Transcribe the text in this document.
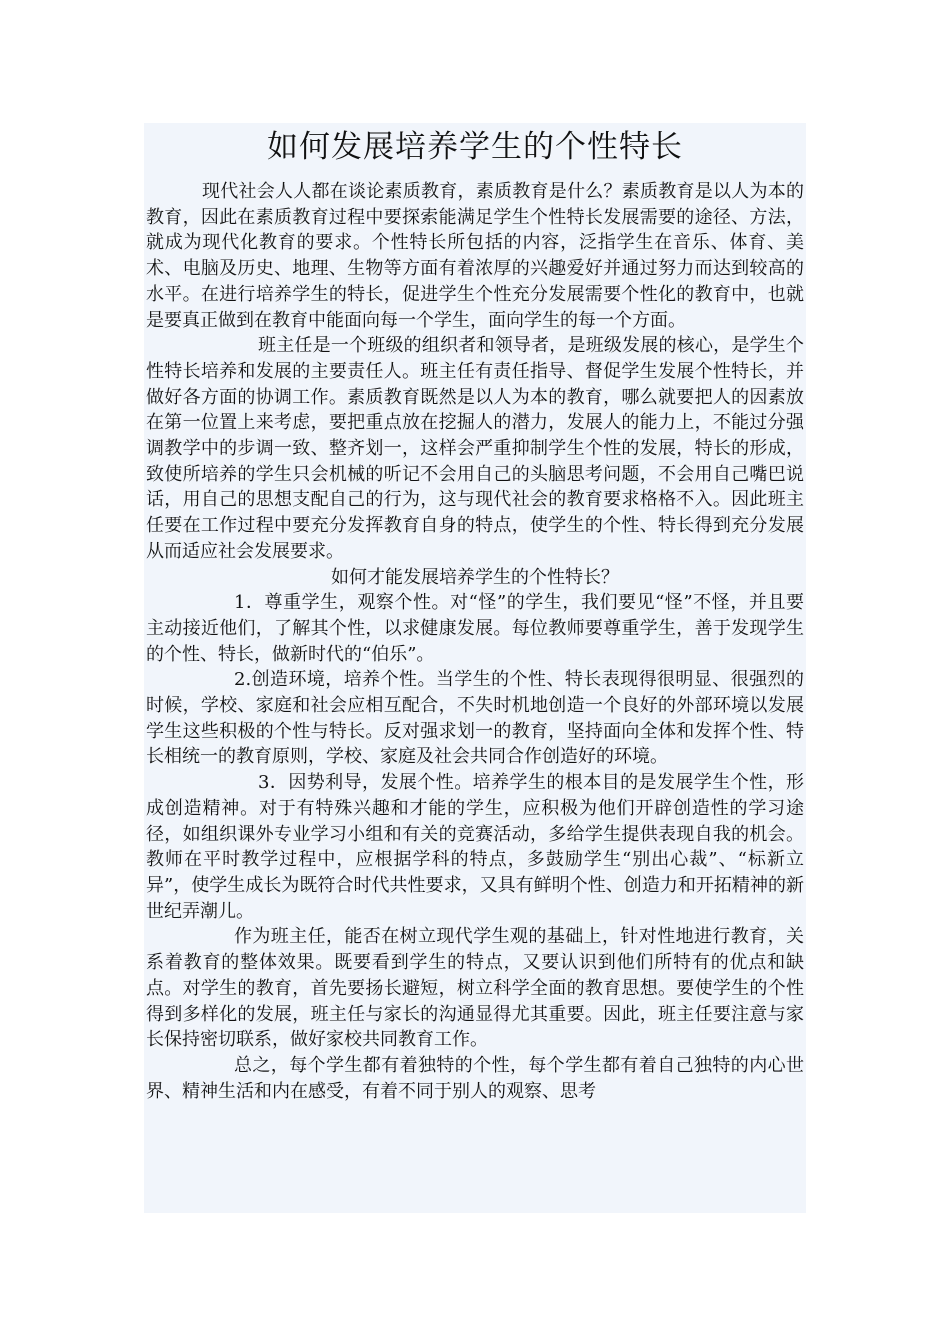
如何发展培养学生的个性特长

现代社会人人都在谈论素质教育，素质教育是什么？素质教育是以人为本的教育，因此在素质教育过程中要探索能满足学生个性特长发展需要的途径、方法，就成为现代化教育的要求。个性特长所包括的内容，泛指学生在音乐、体育、美术、电脑及历史、地理、生物等方面有着浓厚的兴趣爱好并通过努力而达到较高的水平。在进行培养学生的特长，促进学生个性充分发展需要个性化的教育中，也就是要真正做到在教育中能面向每一个学生，面向学生的每一个方面。

班主任是一个班级的组织者和领导者，是班级发展的核心，是学生个性特长培养和发展的主要责任人。班主任有责任指导、督促学生发展个性特长，并做好各方面的协调工作。素质教育既然是以人为本的教育，哪么就要把人的因素放在第一位置上来考虑，要把重点放在挖掘人的潜力，发展人的能力上，不能过分强调教学中的步调一致、整齐划一，这样会严重抑制学生个性的发展，特长的形成，致使所培养的学生只会机械的听记不会用自己的头脑思考问题，不会用自己嘴巴说话，用自己的思想支配自己的行为，这与现代社会的教育要求格格不入。因此班主任要在工作过程中要充分发挥教育自身的特点，使学生的个性、特长得到充分发展从而适应社会发展要求。

如何才能发展培养学生的个性特长？

1．尊重学生，观察个性。对“怪”的学生，我们要见“怪”不怪，并且要主动接近他们，了解其个性，以求健康发展。每位教师要尊重学生，善于发现学生的个性、特长，做新时代的“伯乐”。

2.创造环境，培养个性。当学生的个性、特长表现得很明显、很强烈的时候，学校、家庭和社会应相互配合，不失时机地创造一个良好的外部环境以发展学生这些积极的个性与特长。反对强求划一的教育，坚持面向全体和发挥个性、特长相统一的教育原则，学校、家庭及社会共同合作创造好的环境。

3．因势利导，发展个性。培养学生的根本目的是发展学生个性，形成创造精神。对于有特殊兴趣和才能的学生，应积极为他们开辟创造性的学习途径，如组织课外专业学习小组和有关的竞赛活动，多给学生提供表现自我的机会。教师在平时教学过程中，应根据学科的特点，多鼓励学生“别出心裁”、“标新立异”，使学生成长为既符合时代共性要求，又具有鲜明个性、创造力和开拓精神的新世纪弄潮儿。

作为班主任，能否在树立现代学生观的基础上，针对性地进行教育，关系着教育的整体效果。既要看到学生的特点，又要认识到他们所特有的优点和缺点。对学生的教育，首先要扬长避短，树立科学全面的教育思想。要使学生的个性得到多样化的发展，班主任与家长的沟通显得尤其重要。因此，班主任要注意与家长保持密切联系，做好家校共同教育工作。

总之，每个学生都有着独特的个性，每个学生都有着自己独特的内心世界、精神生活和内在感受，有着不同于别人的观察、思考
